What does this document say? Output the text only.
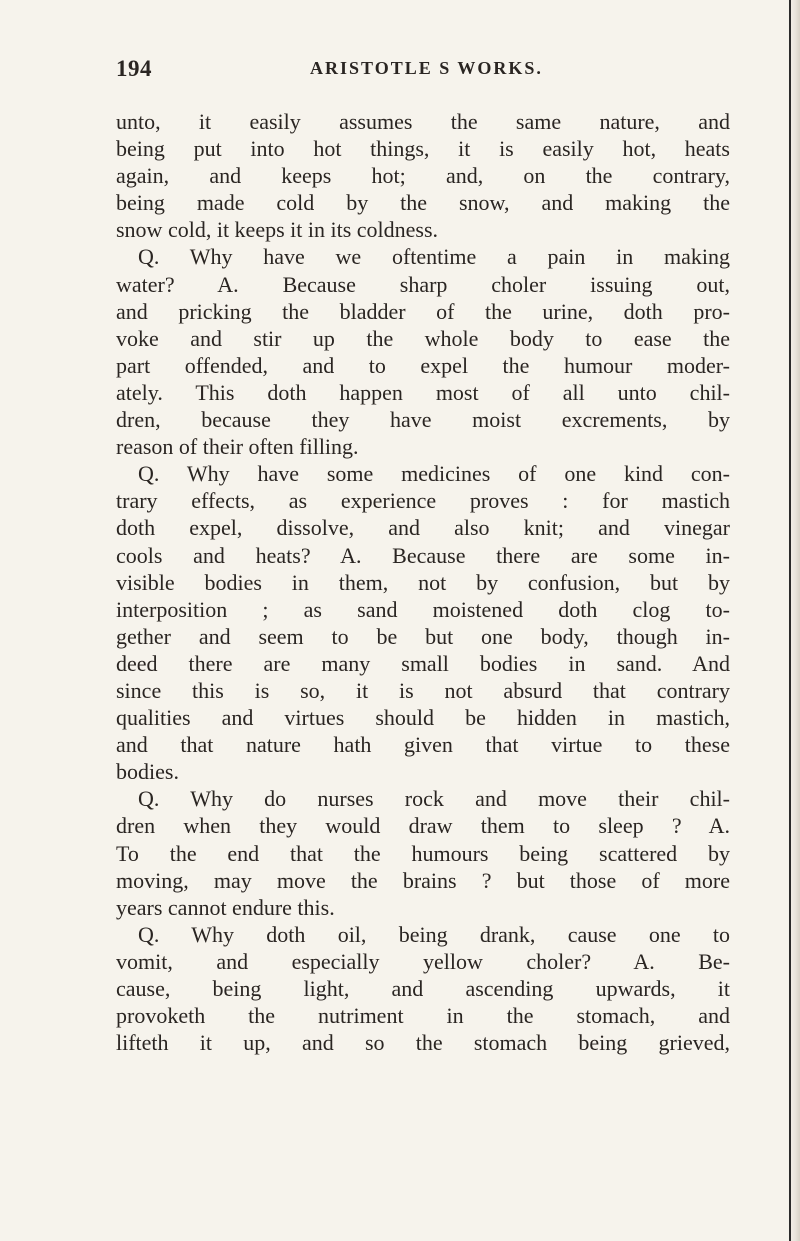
194	ARISTOTLE S WORKS.
unto, it easily assumes the same nature, and
being put into hot things, it is easily hot, heats
again, and keeps hot; and, on the contrary,
being made cold by the snow, and making the
snow cold, it keeps it in its coldness.
Q. Why have we oftentime a pain in making
water? A. Because sharp choler issuing out,
and pricking the bladder of the urine, doth pro-
voke and stir up the whole body to ease the
part offended, and to expel the humour moder-
ately. This doth happen most of all unto chil-
dren, because they have moist excrements, by
reason of their often filling.
Q. Why have some medicines of one kind con-
trary effects, as experience proves : for mastich
doth expel, dissolve, and also knit; and vinegar
cools and heats? A. Because there are some in-
visible bodies in them, not by confusion, but by
interposition ; as sand moistened doth clog to-
gether and seem to be but one body, though in-
deed there are many small bodies in sand. And
since this is so, it is not absurd that contrary
qualities and virtues should be hidden in mastich,
and that nature hath given that virtue to these
bodies.
Q. Why do nurses rock and move their chil-
dren when they would draw them to sleep ? A.
To the end that the humours being scattered by
moving, may move the brains ? but those of more
years cannot endure this.
Q. Why doth oil, being drank, cause one to
vomit, and especially yellow choler? A. Be-
cause, being light, and ascending upwards, it
provoketh the nutriment in the stomach, and
lifteth it up, and so the stomach being grieved,
